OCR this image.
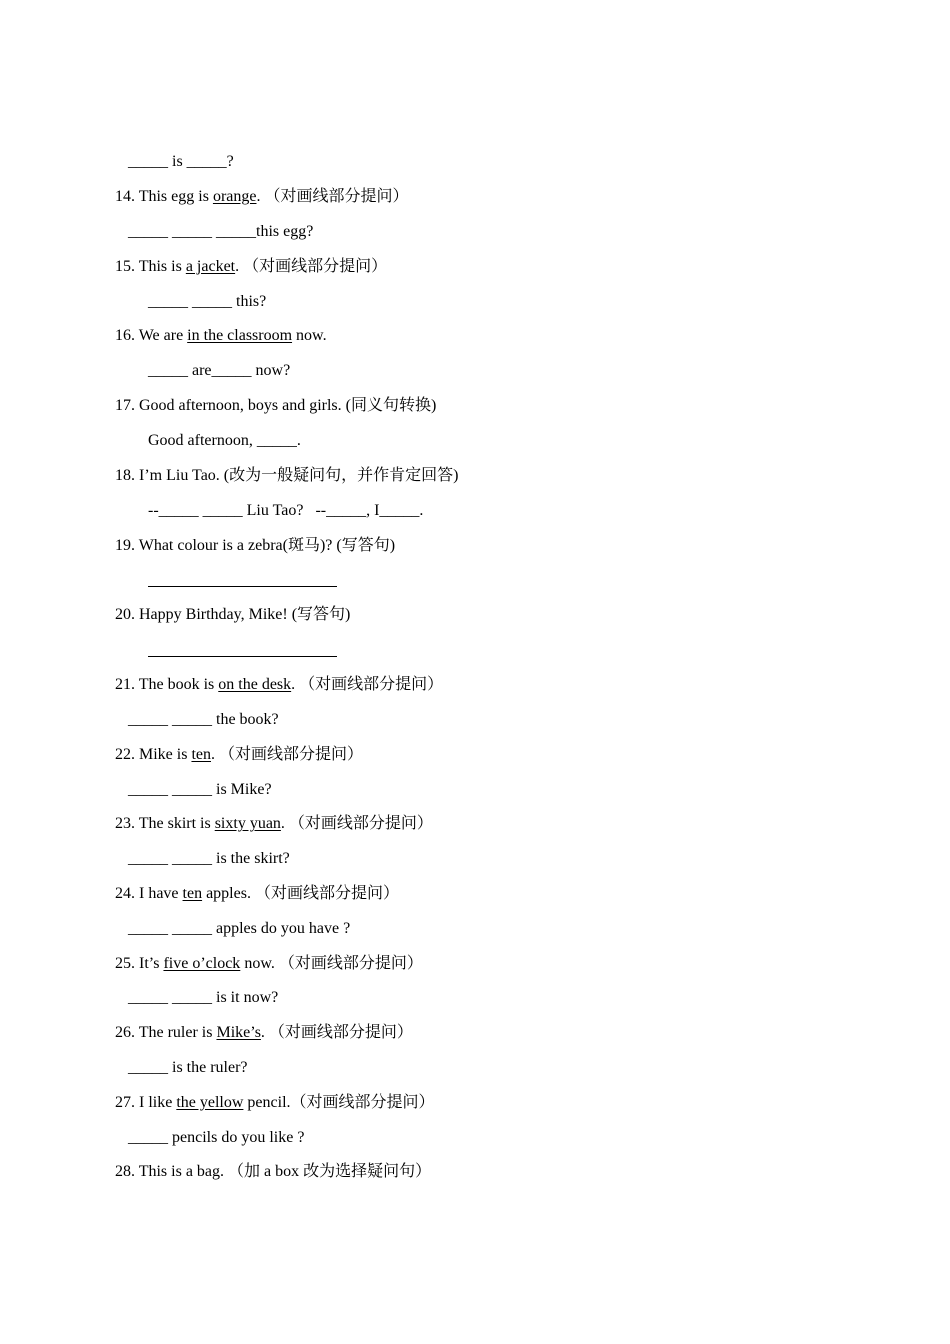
_____ is _____?
14. This egg is orange. （对画线部分提问）
_____ _____ _____this egg?
15. This is a jacket. （对画线部分提问）
_____ _____ this?
16. We are in the classroom now.
_____ are_____ now?
17. Good afternoon, boys and girls. (同义句转换)
Good afternoon, _____.
18. I’m Liu Tao. (改为一般疑问句，并作肯定回答)
--_____ _____ Liu Tao?   --_____, I_____.
19. What colour is a zebra(斑马)? (写答句)
20. Happy Birthday, Mike! (写答句)
21. The book is on the desk. （对画线部分提问）
_____ _____ the book?
22. Mike is ten. （对画线部分提问）
_____ _____ is Mike?
23. The skirt is sixty yuan. （对画线部分提问）
_____ _____ is the skirt?
24. I have ten apples. （对画线部分提问）
_____ _____ apples do you have ?
25. It’s five o’clock now. （对画线部分提问）
_____ _____ is it now?
26. The ruler is Mike’s. （对画线部分提问）
_____ is the ruler?
27. I like the yellow pencil.（对画线部分提问）
_____ pencils do you like ?
28. This is a bag. （加 a box 改为选择疑问句）
